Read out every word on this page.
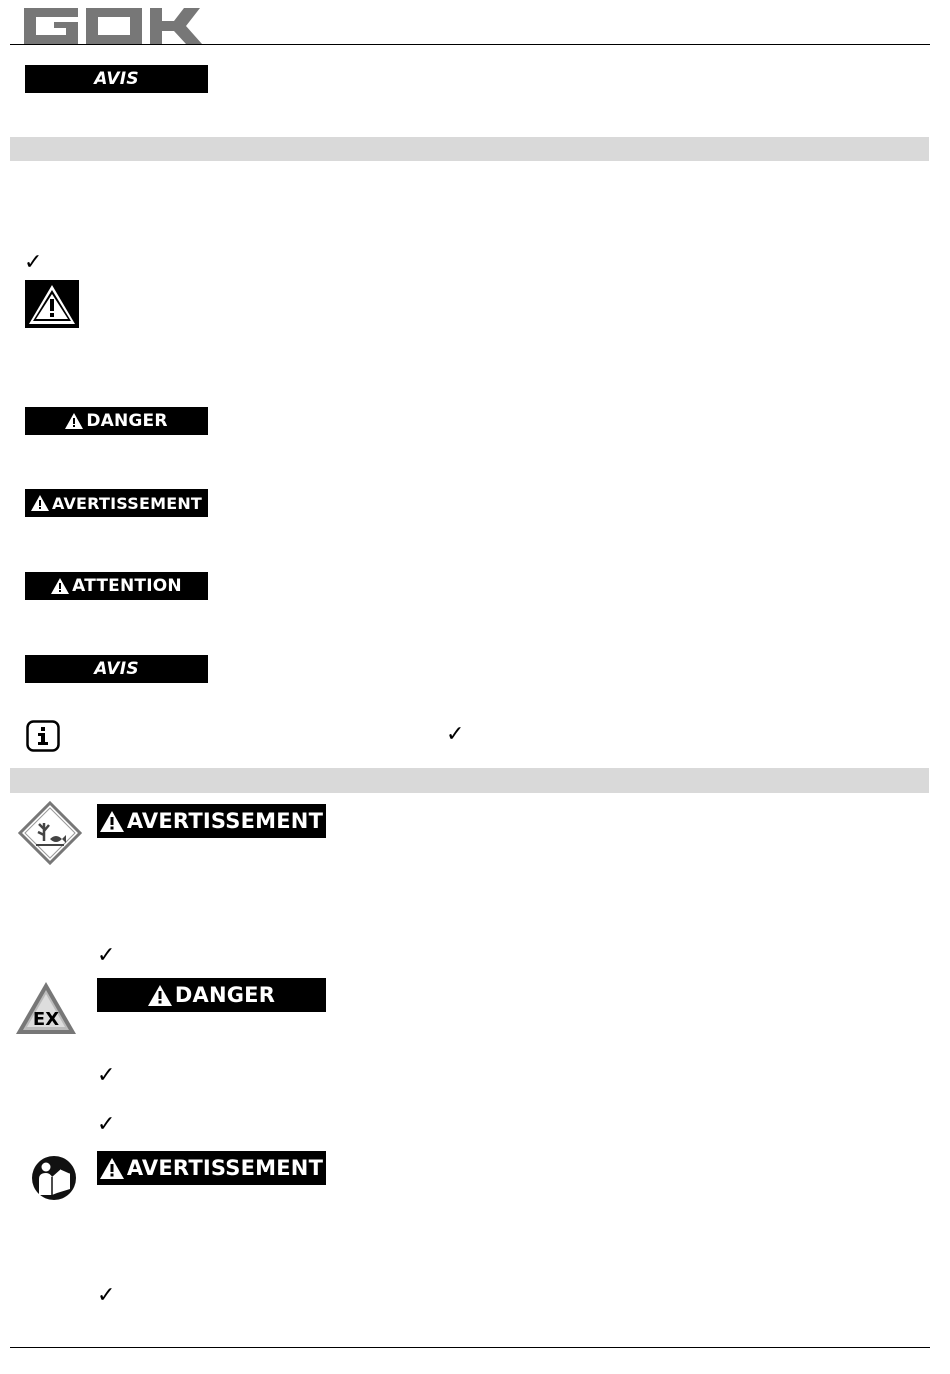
AVIS
✓
DANGER
AVERTISSEMENT
ATTENTION
AVIS
✓
AVERTISSEMENT
✓
EX
DANGER
✓
✓
AVERTISSEMENT
✓
